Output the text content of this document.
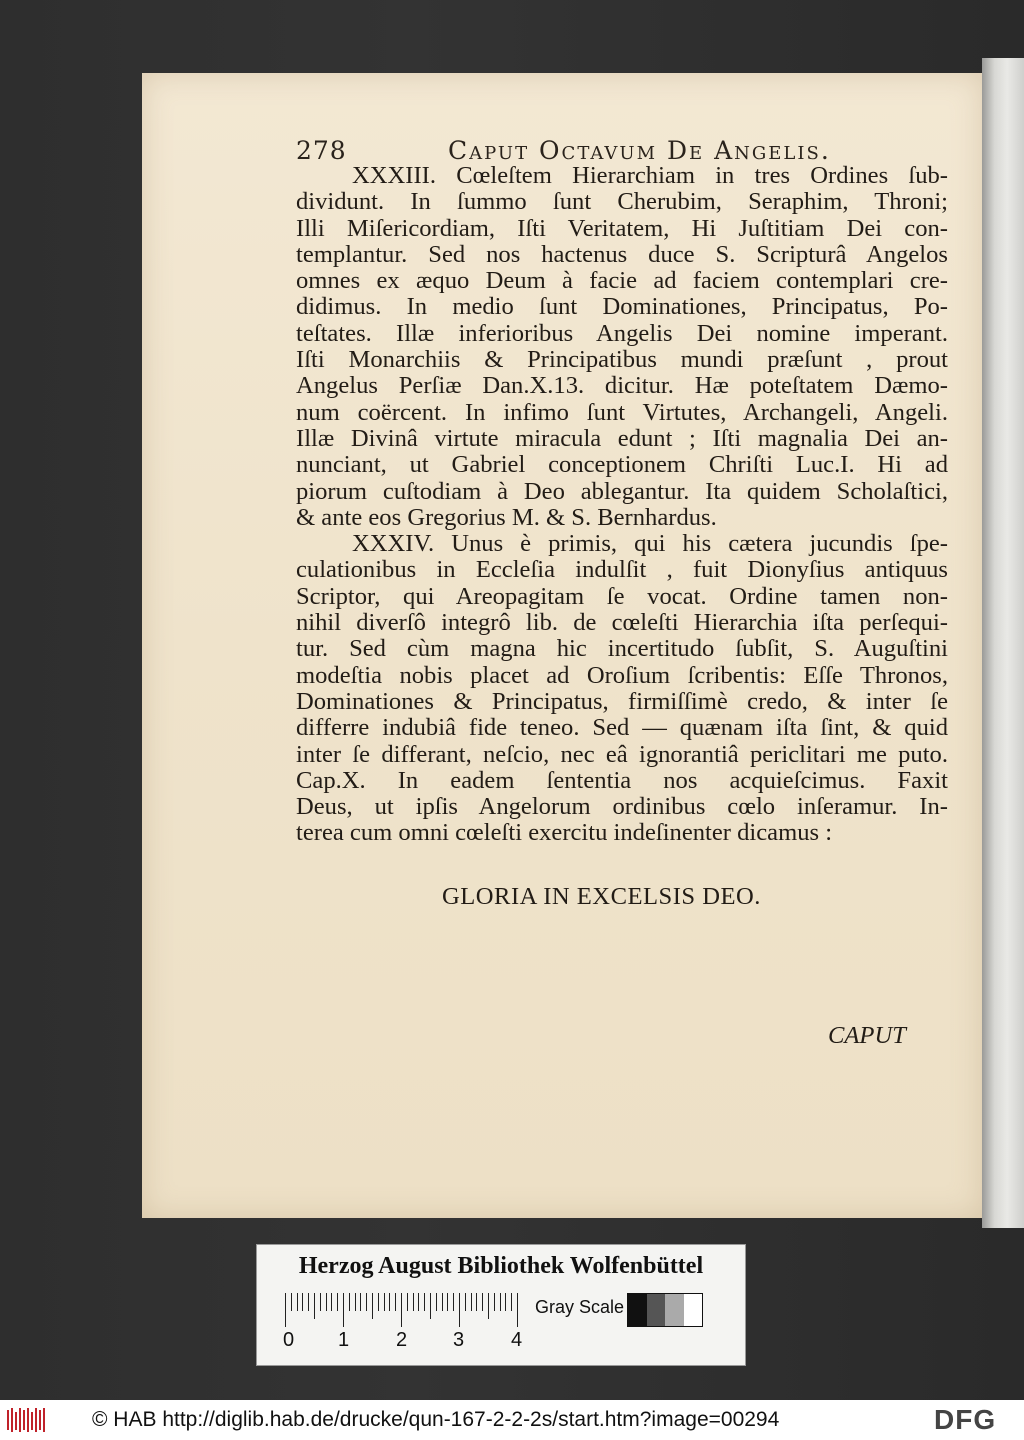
278	Caput Octavum De Angelis.
XXXIII. Cœleſtem Hierarchiam in tres Ordines ſub-
dividunt. In ſummo ſunt Cherubim, Seraphim, Throni;
Illi Miſericordiam, Iſti Veritatem, Hi Juſtitiam Dei con-
templantur. Sed nos hactenus duce S. Scripturâ Angelos
omnes ex æquo Deum à facie ad faciem contemplari cre-
didimus. In medio ſunt Dominationes, Principatus, Po-
teſtates. Illæ inferioribus Angelis Dei nomine imperant.
Iſti Monarchiis & Principatibus mundi præſunt , prout
Angelus Perſiæ Dan.X.13. dicitur. Hæ poteſtatem Dæmo-
num coërcent. In infimo ſunt Virtutes, Archangeli, Angeli.
Illæ Divinâ virtute miracula edunt ; Iſti magnalia Dei an-
nunciant, ut Gabriel conceptionem Chriſti Luc.I. Hi ad
piorum cuſtodiam à Deo ablegantur. Ita quidem Scholaſtici,
& ante eos Gregorius M. & S. Bernhardus.
XXXIV. Unus è primis, qui his cætera jucundis ſpe-
culationibus in Eccleſia indulſit , fuit Dionyſius antiquus
Scriptor, qui Areopagitam ſe vocat. Ordine tamen non-
nihil diverſô integrô lib. de cœleſti Hierarchia iſta perſequi-
tur. Sed cùm magna hic incertitudo ſubſit, S. Auguſtini
modeſtia nobis placet ad Oroſium ſcribentis: Eſſe Thronos,
Dominationes & Principatus, firmiſſimè credo, & inter ſe
differre indubiâ fide teneo. Sed — quænam iſta ſint, & quid
inter ſe differant, neſcio, nec eâ ignorantiâ periclitari me puto.
Cap.X. In eadem ſententia nos acquieſcimus. Faxit
Deus, ut ipſis Angelorum ordinibus cœlo inſeramur. In-
terea cum omni cœleſti exercitu indeſinenter dicamus :
GLORIA IN EXCELSIS DEO.
CAPUT
Herzog August Bibliothek Wolfenbüttel
0 1 2 3 4
Gray Scale
© HAB http://diglib.hab.de/drucke/qun-167-2-2-2s/start.htm?image=00294	DFG
